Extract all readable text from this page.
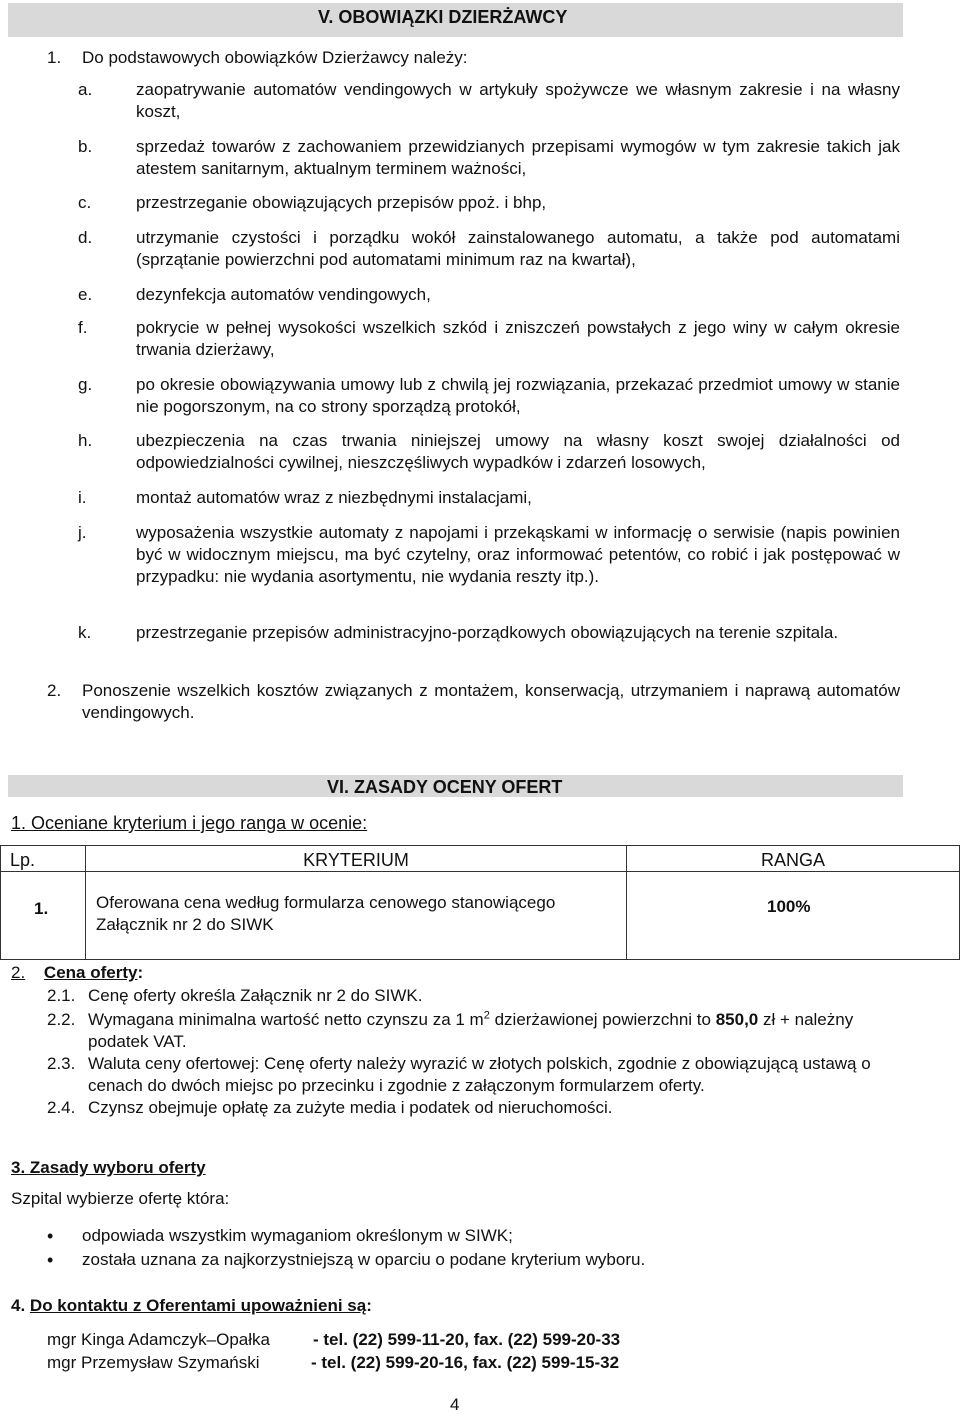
V. OBOWIĄZKI DZIERŻAWCY
1. Do podstawowych obowiązków Dzierżawcy należy:
a.	zaopatrywanie automatów vendingowych w artykuły spożywcze we własnym zakresie i na własny koszt,
b.	sprzedaż towarów z zachowaniem przewidzianych przepisami wymogów w tym zakresie takich jak atestem sanitarnym, aktualnym terminem ważności,
c.	przestrzeganie obowiązujących przepisów ppoż. i bhp,
d.	utrzymanie czystości i porządku wokół zainstalowanego automatu, a także pod automatami (sprzątanie powierzchni pod automatami minimum raz na kwartał),
e.	dezynfekcja automatów vendingowych,
f.	pokrycie w pełnej wysokości wszelkich szkód i zniszczeń powstałych z jego winy w całym okresie trwania dzierżawy,
g.	po okresie obowiązywania umowy lub z chwilą jej rozwiązania, przekazać przedmiot umowy w stanie nie pogorszonym, na co strony sporządzą protokół,
h.	ubezpieczenia na czas trwania niniejszej umowy na własny koszt swojej działalności od odpowiedzialności cywilnej, nieszczęśliwych wypadków i zdarzeń losowych,
i.	montaż automatów wraz z niezbędnymi instalacjami,
j.	wyposażenia wszystkie automaty z napojami i przekąskami w informację o serwisie (napis powinien być w widocznym miejscu, ma być czytelny, oraz informować petentów, co robić i jak postępować w przypadku: nie wydania asortymentu, nie wydania reszty itp.).
k.	przestrzeganie przepisów administracyjno-porządkowych obowiązujących na terenie szpitala.
2. Ponoszenie wszelkich kosztów związanych z montażem, konserwacją, utrzymaniem i naprawą automatów vendingowych.
VI. ZASADY OCENY OFERT
1. Oceniane kryterium i jego ranga w ocenie:
Lp.	KRYTERIUM	RANGA
1.	Oferowana cena według formularza cenowego stanowiącego
Załącznik nr 2 do SIWK	100%
2. Cena oferty:
2.1. Cenę oferty określa Załącznik nr 2 do SIWK.
2.2. Wymagana minimalna wartość netto czynszu za 1 $m^2$ dzierżawionej powierzchni to 850,0 zł + należny podatek VAT.
2.3. Waluta ceny ofertowej: Cenę oferty należy wyrazić w złotych polskich, zgodnie z obowiązującą ustawą o cenach do dwóch miejsc po przecinku i zgodnie z załączonym formularzem oferty.
2.4. Czynsz obejmuje opłatę za zużyte media i podatek od nieruchomości.
3. Zasady wyboru oferty
Szpital wybierze ofertę która:
• odpowiada wszystkim wymaganiom określonym w SIWK;
• została uznana za najkorzystniejszą w oparciu o podane kryterium wyboru.
4. Do kontaktu z Oferentami upoważnieni są:
mgr Kinga Adamczyk–Opałka	- tel. (22) 599-11-20, fax. (22) 599-20-33
mgr Przemysław Szymański	- tel. (22) 599-20-16, fax. (22) 599-15-32
4
